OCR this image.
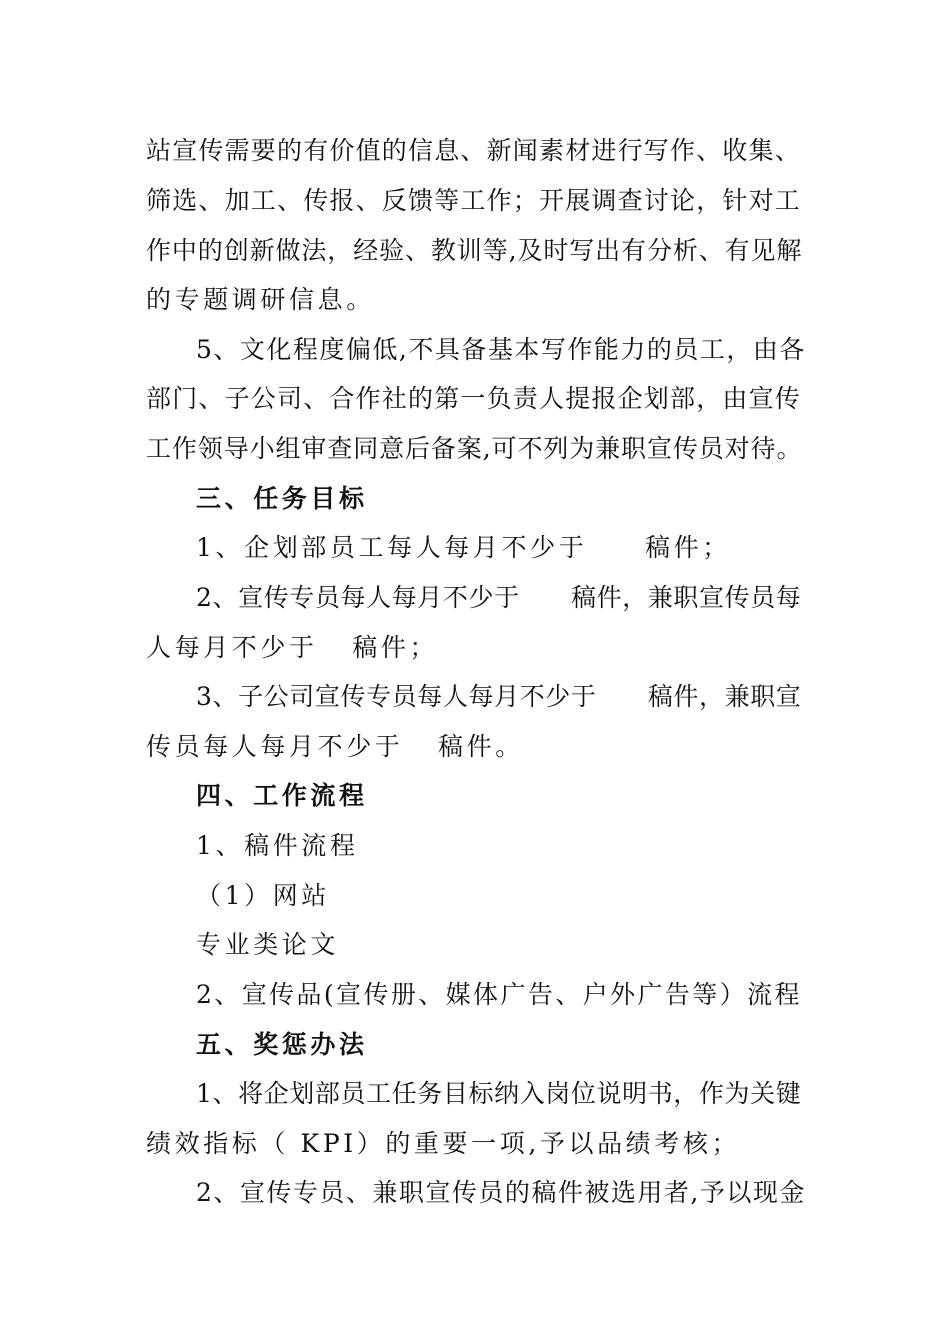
站宣传需要的有价值的信息、新闻素材进行写作、收集、
筛选、加工、传报、反馈等工作；开展调查讨论，针对工
作中的创新做法，经验、教训等,及时写出有分析、有见解
的专题调研信息。
5、文化程度偏低,不具备基本写作能力的员工，由各
部门、子公司、合作社的第一负责人提报企划部，由宣传
工作领导小组审查同意后备案,可不列为兼职宣传员对待。
三、任务目标
1、企划部员工每人每月不少于     稿件；
2、宣传专员每人每月不少于      稿件，兼职宣传员每
人每月不少于   稿件；
3、子公司宣传专员每人每月不少于      稿件，兼职宣
传员每人每月不少于   稿件。
四、工作流程
1、稿件流程
（1）网站
专业类论文
2、宣传品(宣传册、媒体广告、户外广告等）流程
五、奖惩办法
1、将企划部员工任务目标纳入岗位说明书，作为关键
绩效指标（ KPI）的重要一项,予以品绩考核；
2、宣传专员、兼职宣传员的稿件被选用者,予以现金
